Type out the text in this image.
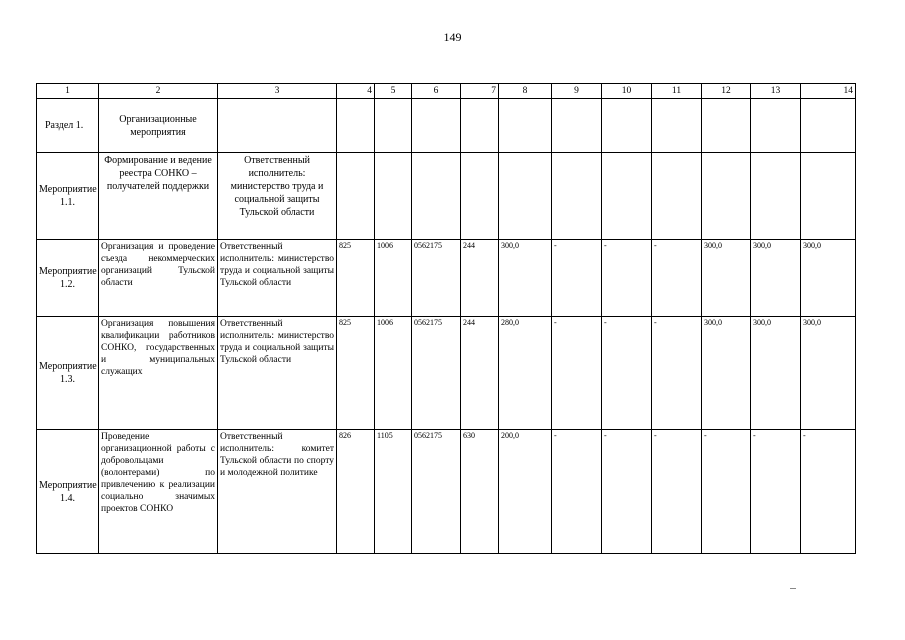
149
1	2	3	4	5	6	7	8	9	10	11	12	13	14
Раздел 1.	Организационные мероприятия												
Мероприятие 1.1.	Формирование и ведение реестра СОНКО – получателей поддержки	Ответственный исполнитель: министерство труда и социальной защиты Тульской области											
Мероприятие 1.2.	Организация и проведение съезда некоммерческих организаций Тульской области	Ответственный исполнитель: министерство труда и социальной защиты Тульской области	825	1006	0562175	244	300,0	-	-	-	300,0	300,0	300,0
Мероприятие 1.3.	Организация повышения квалификации работников СОНКО, государственных и муниципальных служащих	Ответственный исполнитель: министерство труда и социальной защиты Тульской области	825	1006	0562175	244	280,0	-	-	-	300,0	300,0	300,0
Мероприятие 1.4.	Проведение организационной работы с добровольцами (волонтерами) по привлечению к реализации социально значимых проектов СОНКО	Ответственный исполнитель: комитет Тульской области по спорту и молодежной политике	826	1105	0562175	630	200,0	-	-	-	-	-	-
